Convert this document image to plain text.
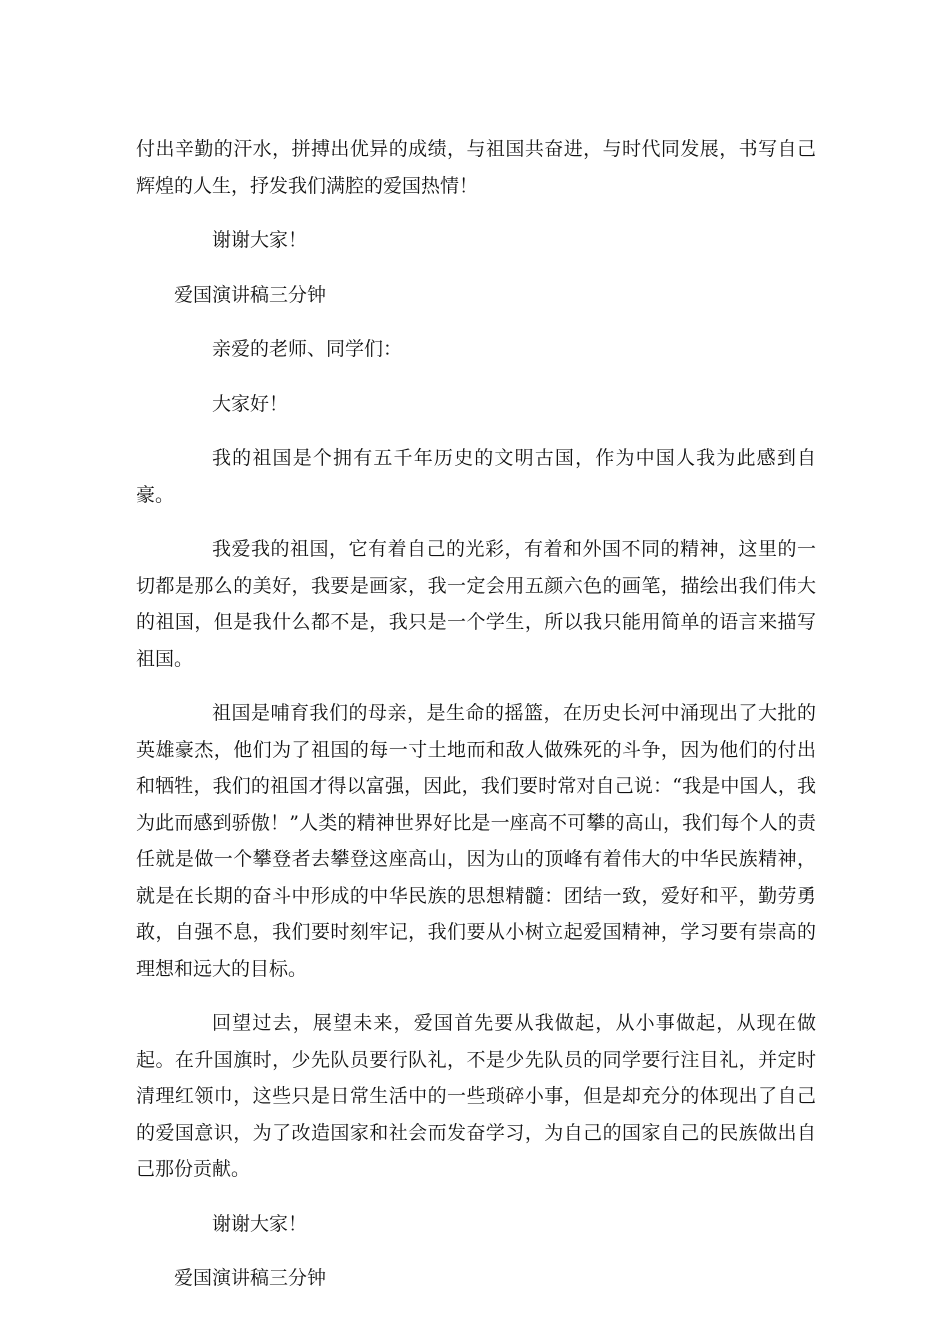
付出辛勤的汗水，拼搏出优异的成绩，与祖国共奋进，与时代同发展，书写自己辉煌的人生，抒发我们满腔的爱国热情！

谢谢大家！

爱国演讲稿三分钟

亲爱的老师、同学们：

大家好！

我的祖国是个拥有五千年历史的文明古国，作为中国人我为此感到自豪。

我爱我的祖国，它有着自己的光彩，有着和外国不同的精神，这里的一切都是那么的美好，我要是画家，我一定会用五颜六色的画笔，描绘出我们伟大的祖国，但是我什么都不是，我只是一个学生，所以我只能用简单的语言来描写祖国。

祖国是哺育我们的母亲，是生命的摇篮，在历史长河中涌现出了大批的英雄豪杰，他们为了祖国的每一寸土地而和敌人做殊死的斗争，因为他们的付出和牺牲，我们的祖国才得以富强，因此，我们要时常对自己说：“我是中国人，我为此而感到骄傲！”人类的精神世界好比是一座高不可攀的高山，我们每个人的责任就是做一个攀登者去攀登这座高山，因为山的顶峰有着伟大的中华民族精神，就是在长期的奋斗中形成的中华民族的思想精髓：团结一致，爱好和平，勤劳勇敢，自强不息，我们要时刻牢记，我们要从小树立起爱国精神，学习要有崇高的理想和远大的目标。

回望过去，展望未来，爱国首先要从我做起，从小事做起，从现在做起。在升国旗时，少先队员要行队礼，不是少先队员的同学要行注目礼，并定时清理红领巾，这些只是日常生活中的一些琐碎小事，但是却充分的体现出了自己的爱国意识，为了改造国家和社会而发奋学习，为自己的国家自己的民族做出自己那份贡献。

谢谢大家！

爱国演讲稿三分钟
